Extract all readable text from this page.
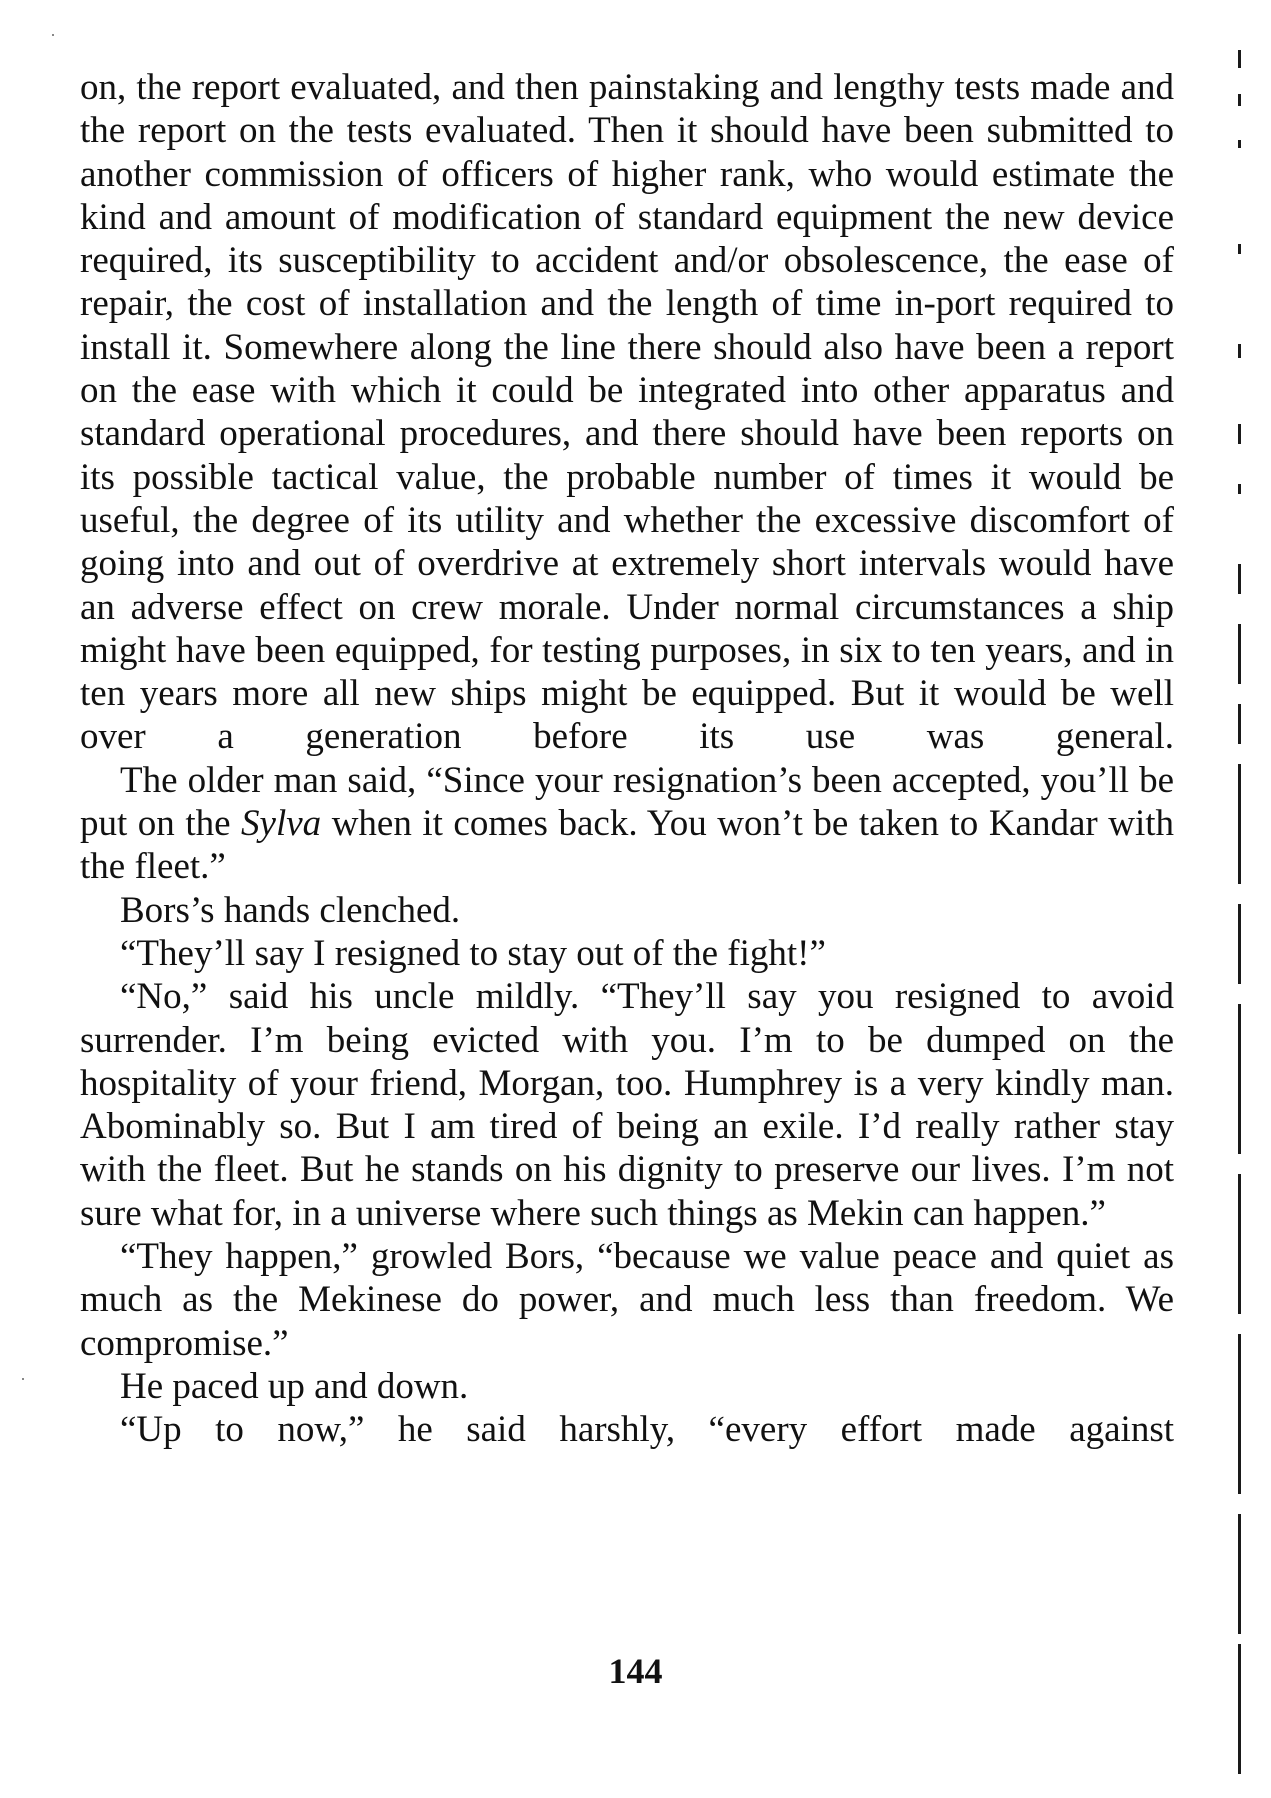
on, the report evaluated, and then painstaking and lengthy tests made and the report on the tests evaluated. Then it should have been submitted to another commission of officers of higher rank, who would estimate the kind and amount of modification of standard equipment the new device required, its susceptibility to accident and/or obsolescence, the ease of repair, the cost of installation and the length of time in-port required to install it. Somewhere along the line there should also have been a report on the ease with which it could be integrated into other apparatus and standard operational procedures, and there should have been reports on its possible tactical value, the probable number of times it would be useful, the degree of its utility and whether the excessive discomfort of going into and out of overdrive at extremely short intervals would have an adverse effect on crew morale. Under normal circumstances a ship might have been equipped, for testing purposes, in six to ten years, and in ten years more all new ships might be equipped. But it would be well over a generation before its use was general.

The older man said, “Since your resignation’s been accepted, you’ll be put on the Sylva when it comes back. You won’t be taken to Kandar with the fleet.”

Bors’s hands clenched.

“They’ll say I resigned to stay out of the fight!”

“No,” said his uncle mildly. “They’ll say you resigned to avoid surrender. I’m being evicted with you. I’m to be dumped on the hospitality of your friend, Morgan, too. Humphrey is a very kindly man. Abominably so. But I am tired of being an exile. I’d really rather stay with the fleet. But he stands on his dignity to preserve our lives. I’m not sure what for, in a universe where such things as Mekin can happen.”

“They happen,” growled Bors, “because we value peace and quiet as much as the Mekinese do power, and much less than freedom. We compromise.”

He paced up and down.

“Up to now,” he said harshly, “every effort made against

144
